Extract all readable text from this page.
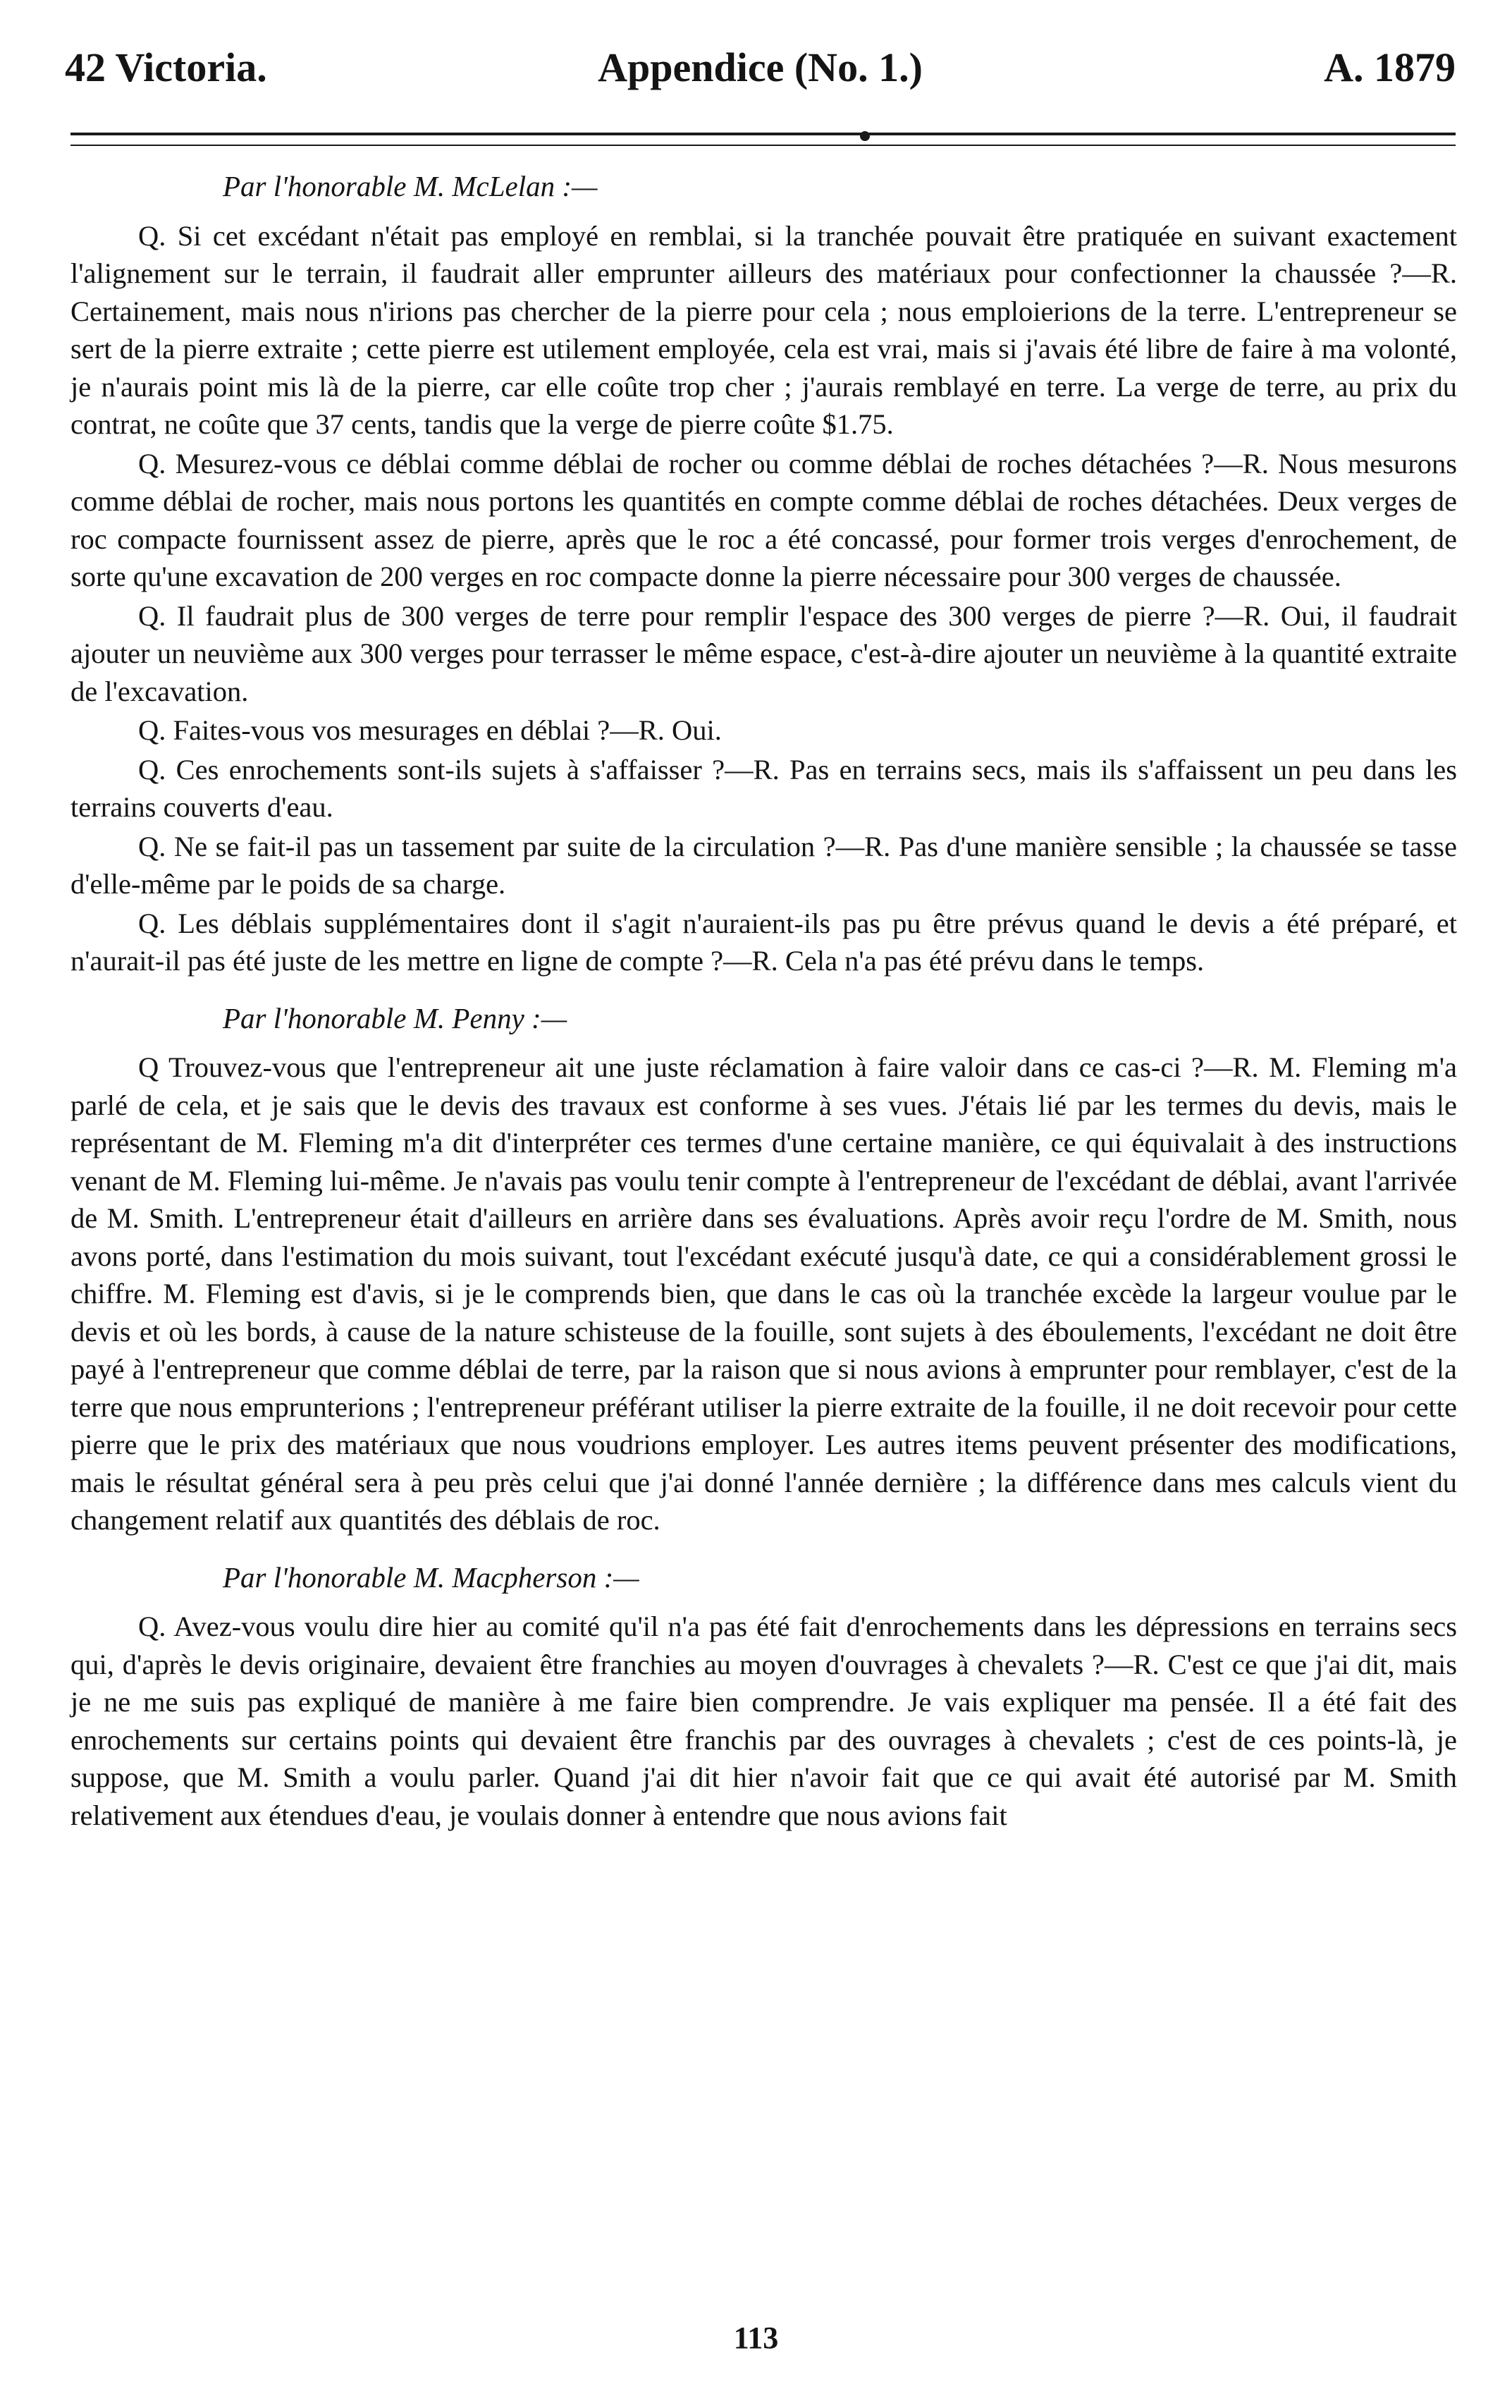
42 Victoria.	Appendice (No. 1.)	A. 1879

Par l'honorable M. McLelan :—

Q. Si cet excédant n'était pas employé en remblai, si la tranchée pouvait être pratiquée en suivant exactement l'alignement sur le terrain, il faudrait aller emprunter ailleurs des matériaux pour confectionner la chaussée ?—R. Certainement, mais nous n'irions pas chercher de la pierre pour cela ; nous emploierions de la terre. L'entrepreneur se sert de la pierre extraite ; cette pierre est utilement employée, cela est vrai, mais si j'avais été libre de faire à ma volonté, je n'aurais point mis là de la pierre, car elle coûte trop cher ; j'aurais remblayé en terre. La verge de terre, au prix du contrat, ne coûte que 37 cents, tandis que la verge de pierre coûte $1.75.

Q. Mesurez-vous ce déblai comme déblai de rocher ou comme déblai de roches détachées ?—R. Nous mesurons comme déblai de rocher, mais nous portons les quantités en compte comme déblai de roches détachées. Deux verges de roc compacte fournissent assez de pierre, après que le roc a été concassé, pour former trois verges d'enrochement, de sorte qu'une excavation de 200 verges en roc compacte donne la pierre nécessaire pour 300 verges de chaussée.

Q. Il faudrait plus de 300 verges de terre pour remplir l'espace des 300 verges de pierre ?—R. Oui, il faudrait ajouter un neuvième aux 300 verges pour terrasser le même espace, c'est-à-dire ajouter un neuvième à la quantité extraite de l'excavation.

Q. Faites-vous vos mesurages en déblai ?—R. Oui.

Q. Ces enrochements sont-ils sujets à s'affaisser ?—R. Pas en terrains secs, mais ils s'affaissent un peu dans les terrains couverts d'eau.

Q. Ne se fait-il pas un tassement par suite de la circulation ?—R. Pas d'une manière sensible ; la chaussée se tasse d'elle-même par le poids de sa charge.

Q. Les déblais supplémentaires dont il s'agit n'auraient-ils pas pu être prévus quand le devis a été préparé, et n'aurait-il pas été juste de les mettre en ligne de compte ?—R. Cela n'a pas été prévu dans le temps.

Par l'honorable M. Penny :—

Q Trouvez-vous que l'entrepreneur ait une juste réclamation à faire valoir dans ce cas-ci ?—R. M. Fleming m'a parlé de cela, et je sais que le devis des travaux est conforme à ses vues. J'étais lié par les termes du devis, mais le représentant de M. Fleming m'a dit d'interpréter ces termes d'une certaine manière, ce qui équivalait à des instructions venant de M. Fleming lui-même. Je n'avais pas voulu tenir compte à l'entrepreneur de l'excédant de déblai, avant l'arrivée de M. Smith. L'entrepreneur était d'ailleurs en arrière dans ses évaluations. Après avoir reçu l'ordre de M. Smith, nous avons porté, dans l'estimation du mois suivant, tout l'excédant exécuté jusqu'à date, ce qui a considérablement grossi le chiffre. M. Fleming est d'avis, si je le comprends bien, que dans le cas où la tranchée excède la largeur voulue par le devis et où les bords, à cause de la nature schisteuse de la fouille, sont sujets à des éboulements, l'excédant ne doit être payé à l'entrepreneur que comme déblai de terre, par la raison que si nous avions à emprunter pour remblayer, c'est de la terre que nous emprunterions ; l'entrepreneur préférant utiliser la pierre extraite de la fouille, il ne doit recevoir pour cette pierre que le prix des matériaux que nous voudrions employer. Les autres items peuvent présenter des modifications, mais le résultat général sera à peu près celui que j'ai donné l'année dernière ; la différence dans mes calculs vient du changement relatif aux quantités des déblais de roc.

Par l'honorable M. Macpherson :—

Q. Avez-vous voulu dire hier au comité qu'il n'a pas été fait d'enrochements dans les dépressions en terrains secs qui, d'après le devis originaire, devaient être franchies au moyen d'ouvrages à chevalets ?—R. C'est ce que j'ai dit, mais je ne me suis pas expliqué de manière à me faire bien comprendre. Je vais expliquer ma pensée. Il a été fait des enrochements sur certains points qui devaient être franchis par des ouvrages à chevalets ; c'est de ces points-là, je suppose, que M. Smith a voulu parler. Quand j'ai dit hier n'avoir fait que ce qui avait été autorisé par M. Smith relativement aux étendues d'eau, je voulais donner à entendre que nous avions fait

113
